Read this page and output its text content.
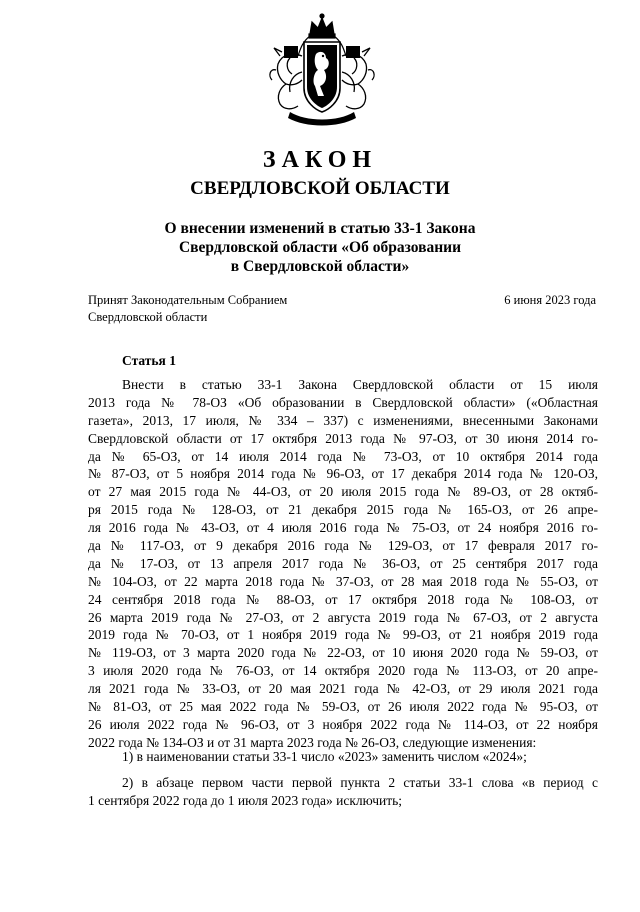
ЗАКОН
СВЕРДЛОВСКОЙ ОБЛАСТИ
О внесении изменений в статью 33-1 Закона
Свердловской области «Об образовании
в Свердловской области»
Принят Законодательным Собранием
Свердловской области
6 июня 2023 года
Статья 1
Внести в статью 33-1 Закона Свердловской области от 15 июля
2013 года № 78-ОЗ «Об образовании в Свердловской области» («Областная
газета», 2013, 17 июля, № 334 – 337) с изменениями, внесенными Законами
Свердловской области от 17 октября 2013 года № 97-ОЗ, от 30 июня 2014 го-
да № 65-ОЗ, от 14 июля 2014 года № 73-ОЗ, от 10 октября 2014 года
№ 87-ОЗ, от 5 ноября 2014 года № 96-ОЗ, от 17 декабря 2014 года № 120-ОЗ,
от 27 мая 2015 года № 44-ОЗ, от 20 июля 2015 года № 89-ОЗ, от 28 октяб-
ря 2015 года № 128-ОЗ, от 21 декабря 2015 года № 165-ОЗ, от 26 апре-
ля 2016 года № 43-ОЗ, от 4 июля 2016 года № 75-ОЗ, от 24 ноября 2016 го-
да № 117-ОЗ, от 9 декабря 2016 года № 129-ОЗ, от 17 февраля 2017 го-
да № 17-ОЗ, от 13 апреля 2017 года № 36-ОЗ, от 25 сентября 2017 года
№ 104-ОЗ, от 22 марта 2018 года № 37-ОЗ, от 28 мая 2018 года № 55-ОЗ, от
24 сентября 2018 года № 88-ОЗ, от 17 октября 2018 года № 108-ОЗ, от
26 марта 2019 года № 27-ОЗ, от 2 августа 2019 года № 67-ОЗ, от 2 августа
2019 года № 70-ОЗ, от 1 ноября 2019 года № 99-ОЗ, от 21 ноября 2019 года
№ 119-ОЗ, от 3 марта 2020 года № 22-ОЗ, от 10 июня 2020 года № 59-ОЗ, от
3 июля 2020 года № 76-ОЗ, от 14 октября 2020 года № 113-ОЗ, от 20 апре-
ля 2021 года № 33-ОЗ, от 20 мая 2021 года № 42-ОЗ, от 29 июля 2021 года
№ 81-ОЗ, от 25 мая 2022 года № 59-ОЗ, от 26 июля 2022 года № 95-ОЗ, от
26 июля 2022 года № 96-ОЗ, от 3 ноября 2022 года № 114-ОЗ, от 22 ноября
2022 года № 134-ОЗ и от 31 марта 2023 года № 26-ОЗ, следующие изменения:
1) в наименовании статьи 33-1 число «2023» заменить числом «2024»;
2) в абзаце первом части первой пункта 2 статьи 33-1 слова «в период с
1 сентября 2022 года до 1 июля 2023 года» исключить;
